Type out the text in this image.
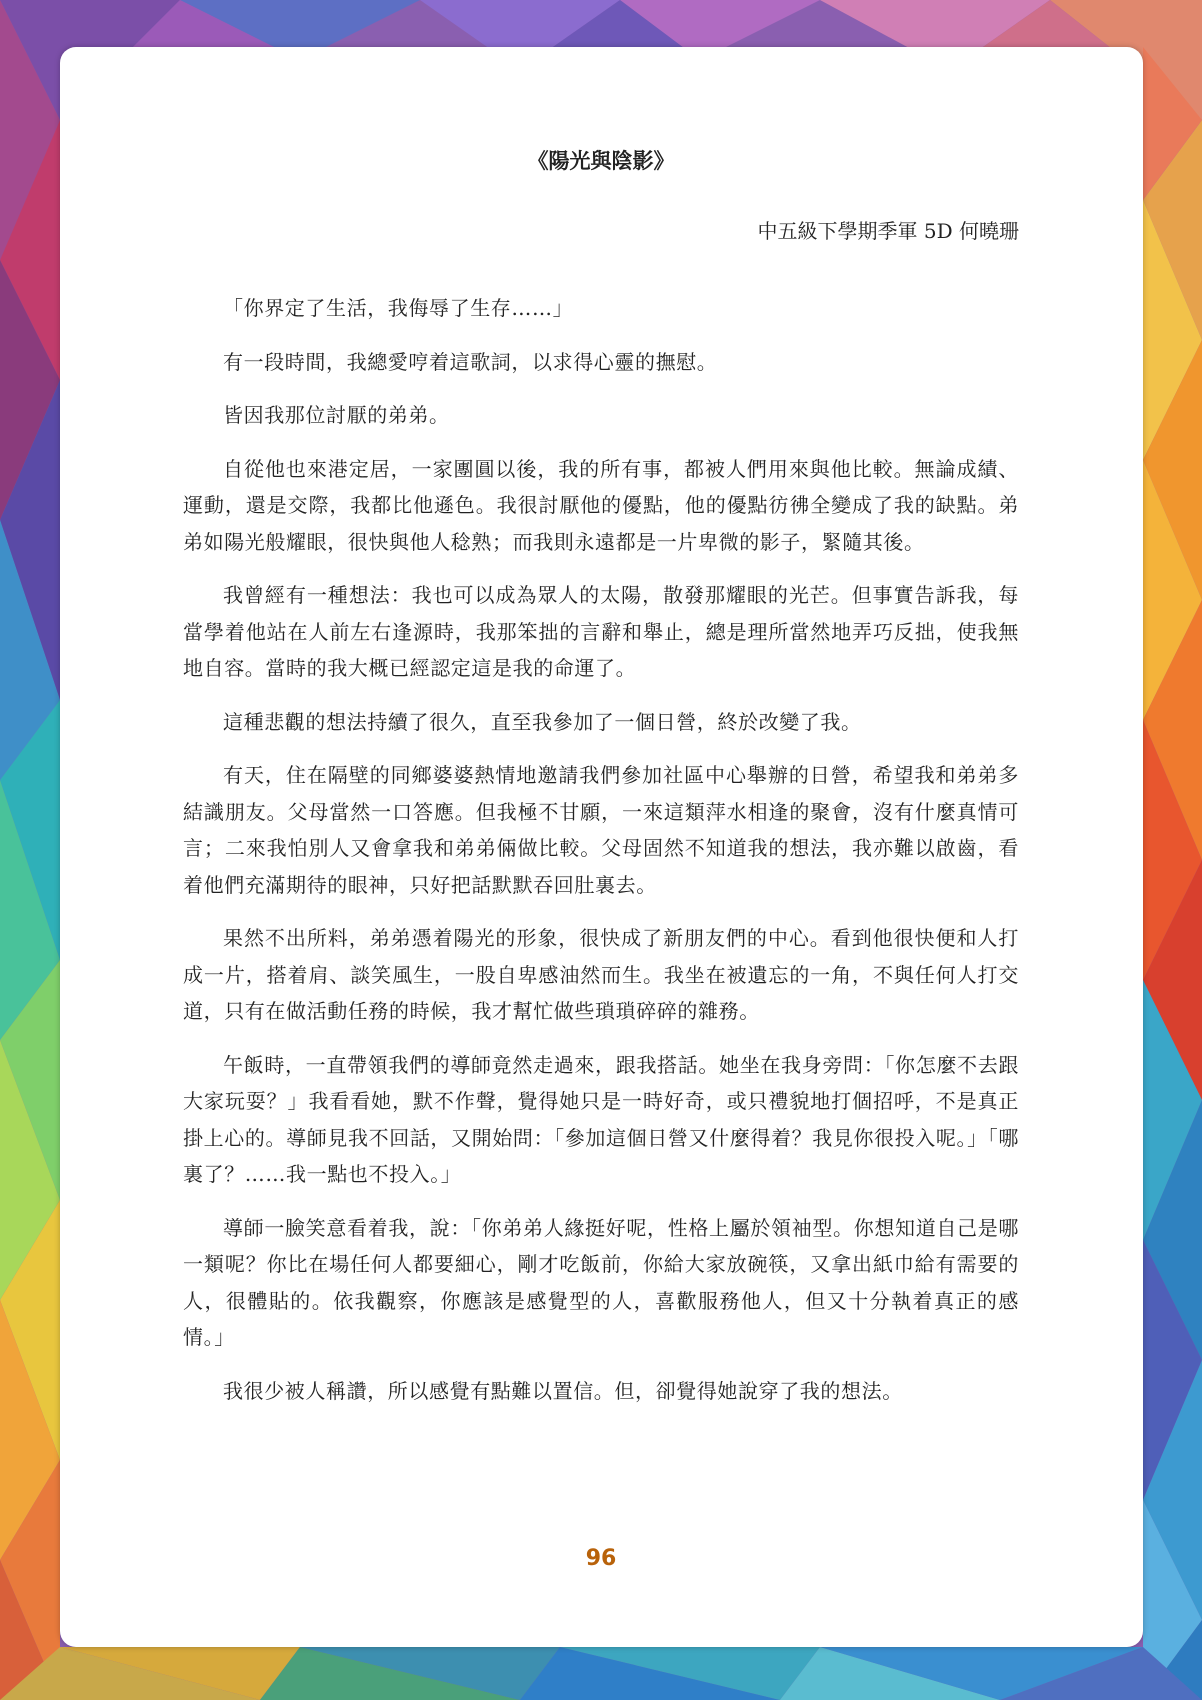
《陽光與陰影》
中五級下學期季軍 5D 何曉珊

「你界定了生活，我侮辱了生存……」

有一段時間，我總愛哼着這歌詞，以求得心靈的撫慰。

皆因我那位討厭的弟弟。

自從他也來港定居，一家團圓以後，我的所有事，都被人們用來與他比較。無論成績、運動，還是交際，我都比他遜色。我很討厭他的優點，他的優點彷彿全變成了我的缺點。弟弟如陽光般耀眼，很快與他人稔熟；而我則永遠都是一片卑微的影子，緊隨其後。

我曾經有一種想法：我也可以成為眾人的太陽，散發那耀眼的光芒。但事實告訴我，每當學着他站在人前左右逢源時，我那笨拙的言辭和舉止，總是理所當然地弄巧反拙，使我無地自容。當時的我大概已經認定這是我的命運了。

這種悲觀的想法持續了很久，直至我參加了一個日營，終於改變了我。

有天，住在隔壁的同鄉婆婆熱情地邀請我們參加社區中心舉辦的日營，希望我和弟弟多結識朋友。父母當然一口答應。但我極不甘願，一來這類萍水相逢的聚會，沒有什麼真情可言；二來我怕別人又會拿我和弟弟倆做比較。父母固然不知道我的想法，我亦難以啟齒，看着他們充滿期待的眼神，只好把話默默吞回肚裏去。

果然不出所料，弟弟憑着陽光的形象，很快成了新朋友們的中心。看到他很快便和人打成一片，搭着肩、談笑風生，一股自卑感油然而生。我坐在被遺忘的一角，不與任何人打交道，只有在做活動任務的時候，我才幫忙做些瑣瑣碎碎的雜務。

午飯時，一直帶領我們的導師竟然走過來，跟我搭話。她坐在我身旁問：「你怎麼不去跟大家玩耍？」我看看她，默不作聲，覺得她只是一時好奇，或只禮貌地打個招呼，不是真正掛上心的。導師見我不回話，又開始問：「參加這個日營又什麼得着？我見你很投入呢。」「哪裏了？……我一點也不投入。」

導師一臉笑意看着我，說：「你弟弟人緣挺好呢，性格上屬於領袖型。你想知道自己是哪一類呢？你比在場任何人都要細心，剛才吃飯前，你給大家放碗筷，又拿出紙巾給有需要的人，很體貼的。依我觀察，你應該是感覺型的人，喜歡服務他人，但又十分執着真正的感情。」

我很少被人稱讚，所以感覺有點難以置信。但，卻覺得她說穿了我的想法。

96
